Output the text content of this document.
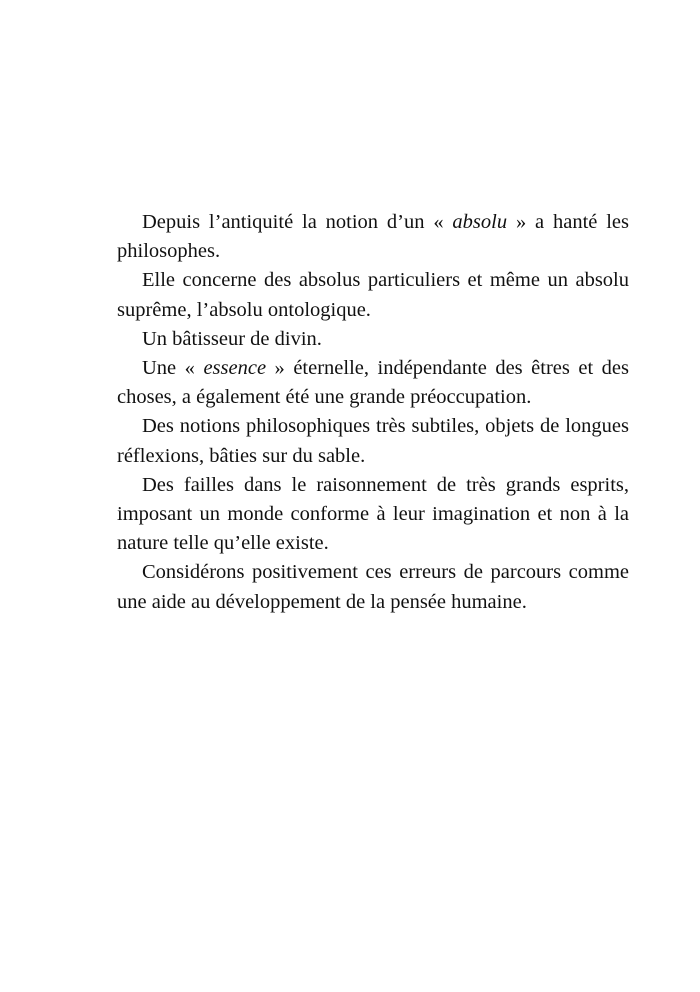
Depuis l’antiquité la notion d’un « absolu » a hanté les philosophes.

Elle concerne des absolus particuliers et même un absolu suprême, l’absolu ontologique.

Un bâtisseur de divin.

Une « essence » éternelle, indépendante des êtres et des choses, a également été une grande préoccupation.

Des notions philosophiques très subtiles, objets de longues réflexions, bâties sur du sable.

Des failles dans le raisonnement de très grands esprits, imposant un monde conforme à leur imagination et non à la nature telle qu’elle existe.

Considérons positivement ces erreurs de parcours comme une aide au développement de la pensée humaine.
